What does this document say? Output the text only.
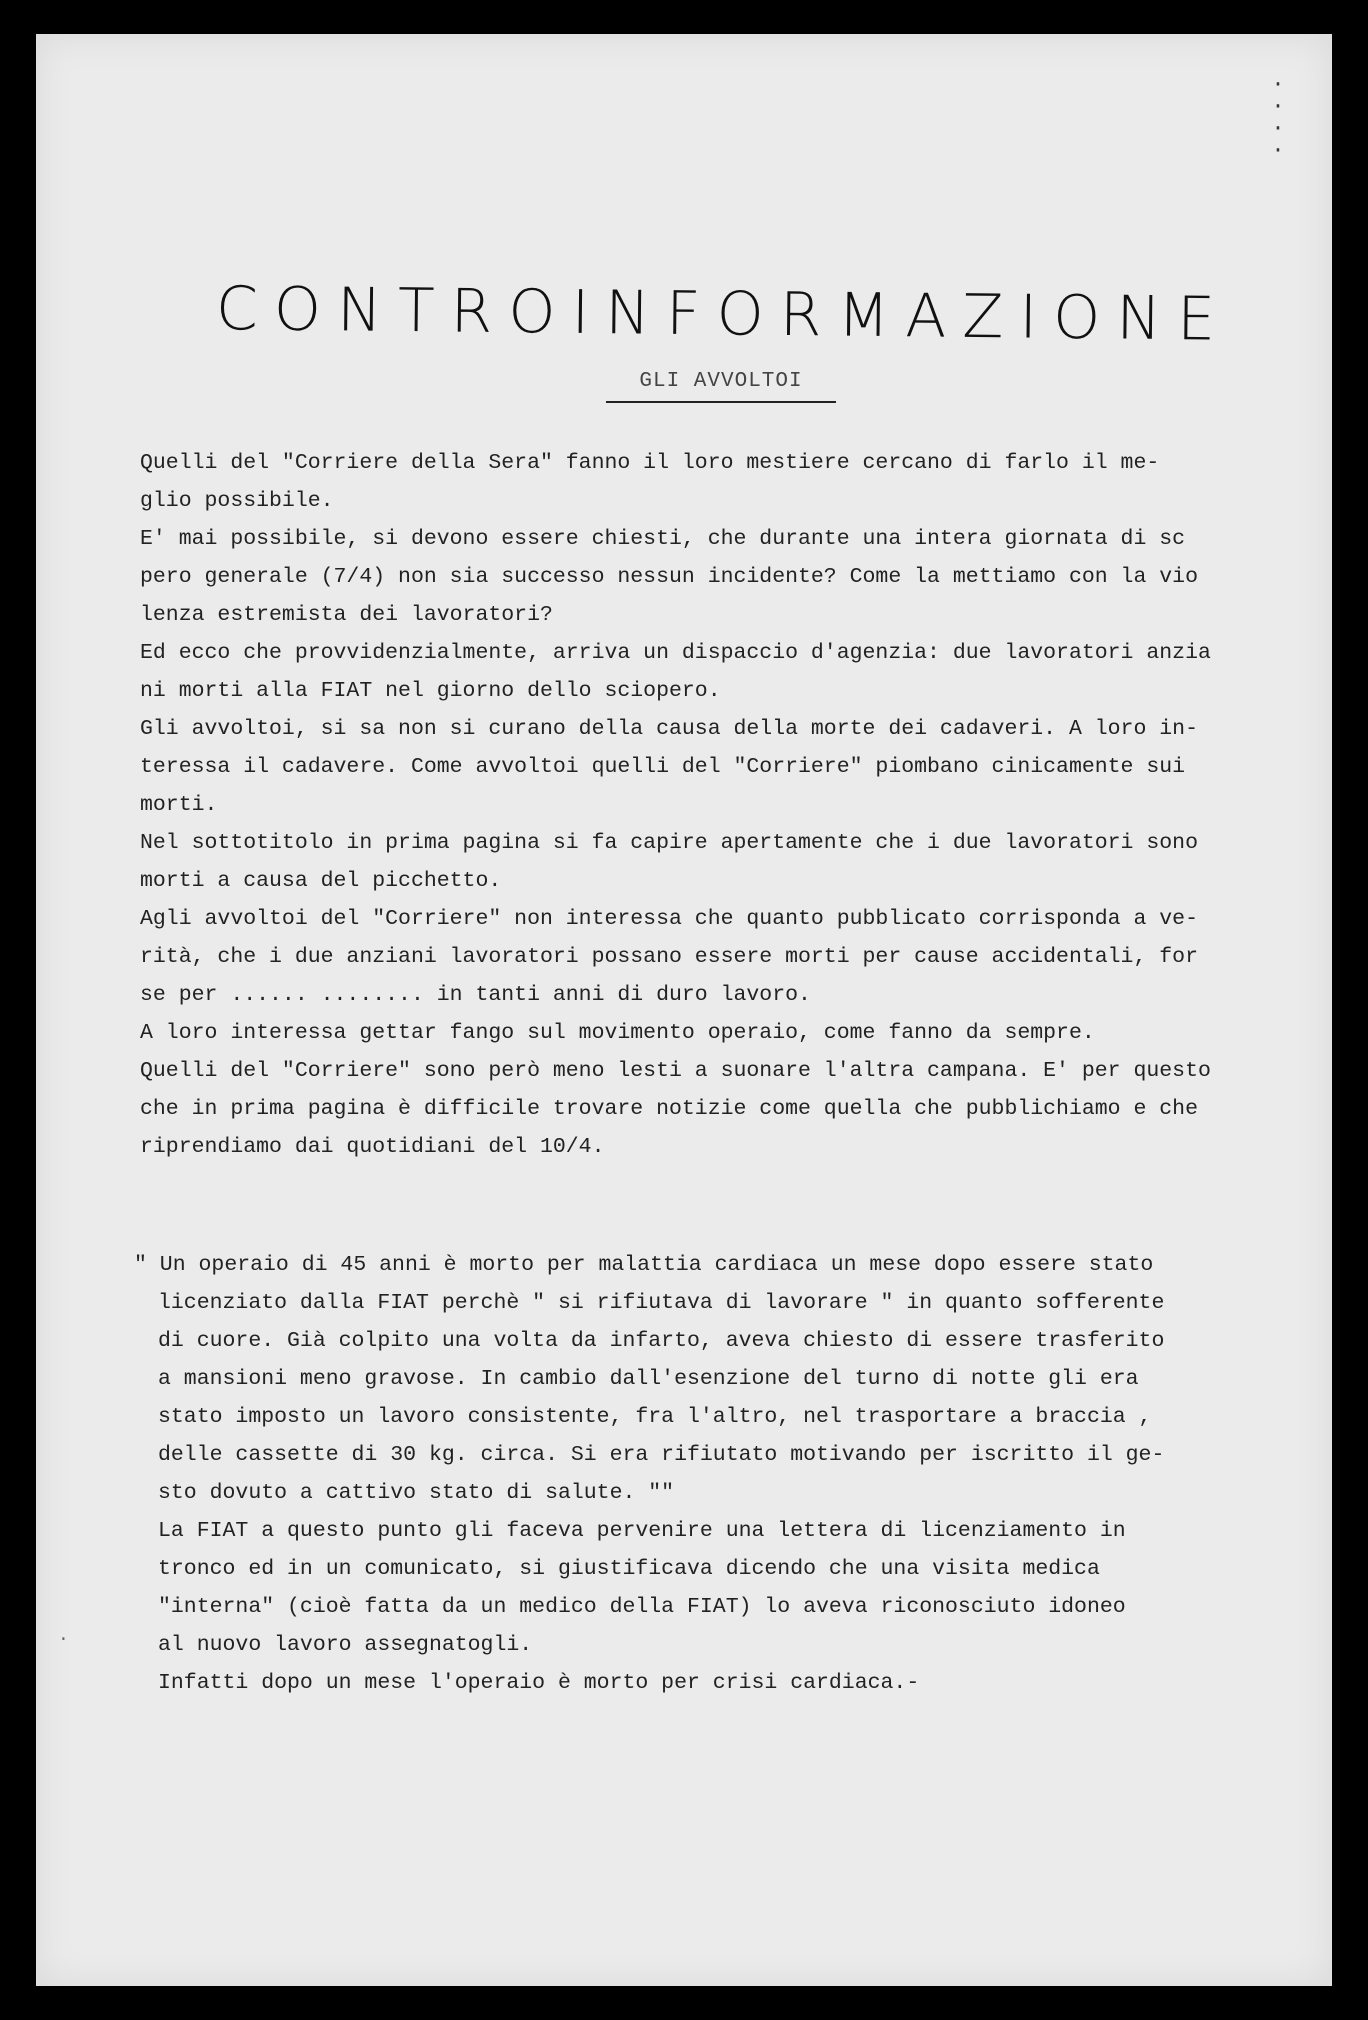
·
·
·
·
·
CONTROINFORMAZIONE
GLI AVVOLTOI

Quelli del "Corriere della Sera" fanno il loro mestiere cercano di farlo il me-

glio possibile.

E' mai possibile, si devono essere chiesti, che durante una intera giornata di sc

pero generale (7/4) non sia successo nessun incidente? Come la mettiamo con la vio

lenza estremista dei lavoratori?

Ed ecco che provvidenzialmente, arriva un dispaccio d'agenzia: due lavoratori anzia

ni morti alla FIAT nel giorno dello sciopero.

Gli avvoltoi, si sa non si curano della causa della morte dei cadaveri. A loro in-

teressa il cadavere. Come avvoltoi quelli del "Corriere" piombano cinicamente sui

morti.

Nel sottotitolo in prima pagina si fa capire apertamente che i due lavoratori sono

morti a causa del picchetto.

Agli avvoltoi del "Corriere" non interessa che quanto pubblicato corrisponda a ve-

rità, che i due anziani lavoratori possano essere morti per cause accidentali, for

se per ...... ........ in tanti anni di duro lavoro.

A loro interessa gettar fango sul movimento operaio, come fanno da sempre.

Quelli del "Corriere" sono però meno lesti a suonare l'altra campana. E' per questo

che in prima pagina è difficile trovare notizie come quella che pubblichiamo e che

riprendiamo dai quotidiani del 10/4.

" Un operaio di 45 anni è morto per malattia cardiaca un mese dopo essere stato

licenziato dalla FIAT perchè " si rifiutava di lavorare " in quanto sofferente

di cuore. Già colpito una volta da infarto, aveva chiesto di essere trasferito

a mansioni meno gravose. In cambio dall'esenzione del turno di notte gli era

stato imposto un lavoro consistente, fra l'altro, nel trasportare a braccia ,

delle cassette di 30 kg. circa. Si era rifiutato motivando per iscritto il ge-

sto dovuto a cattivo stato di salute. ""

La FIAT a questo punto gli faceva pervenire una lettera di licenziamento in

tronco ed in un comunicato, si giustificava dicendo che una visita medica

"interna" (cioè fatta da un medico della FIAT) lo aveva riconosciuto idoneo

al nuovo lavoro assegnatogli.

Infatti dopo un mese l'operaio è morto per crisi cardiaca.-
